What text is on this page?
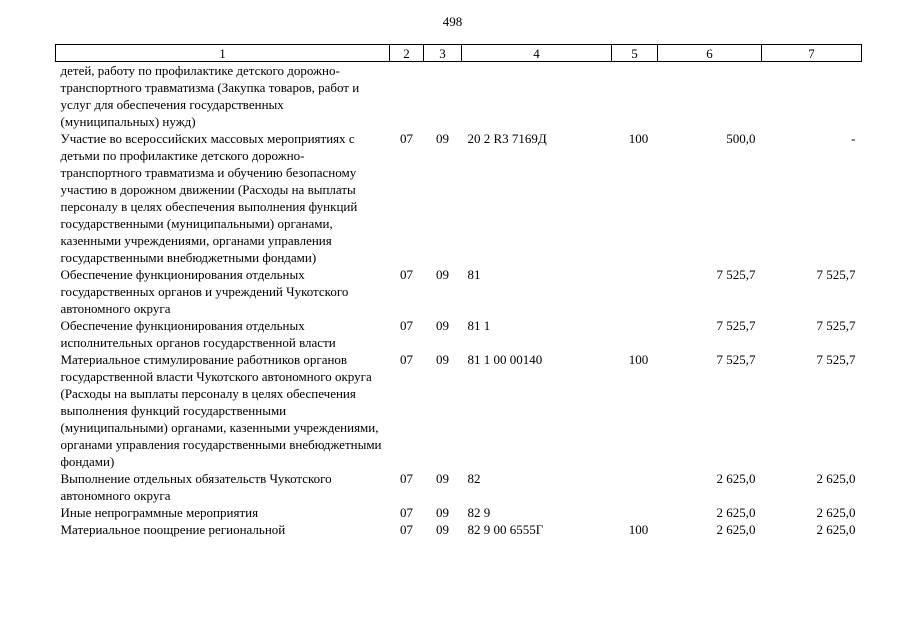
498
1	2	3	4	5	6	7
детей, работу по профилактике детского дорожно-транспортного травматизма (Закупка товаров, работ и услуг для обеспечения государственных (муниципальных) нужд)						
Участие во всероссийских массовых мероприятиях с детьми по профилактике детского дорожно-транспортного травматизма и обучению безопасному участию в дорожном движении (Расходы на выплаты персоналу в целях обеспечения выполнения функций государственными (муниципальными) органами, казенными учреждениями, органами управления государственными внебюджетными фондами)	07	09	20 2 R3 7169Д	100	500,0	-
Обеспечение функционирования отдельных государственных органов и учреждений Чукотского автономного округа	07	09	81		7 525,7	7 525,7
Обеспечение функционирования отдельных исполнительных органов государственной власти	07	09	81 1		7 525,7	7 525,7
Материальное стимулирование работников органов государственной власти Чукотского автономного округа (Расходы на выплаты персоналу в целях обеспечения выполнения функций государственными (муниципальными) органами, казенными учреждениями, органами управления государственными внебюджетными фондами)	07	09	81 1 00 00140	100	7 525,7	7 525,7
Выполнение отдельных обязательств Чукотского автономного округа	07	09	82		2 625,0	2 625,0
Иные непрограммные мероприятия	07	09	82 9		2 625,0	2 625,0
Материальное поощрение региональной	07	09	82 9 00 6555Г	100	2 625,0	2 625,0
